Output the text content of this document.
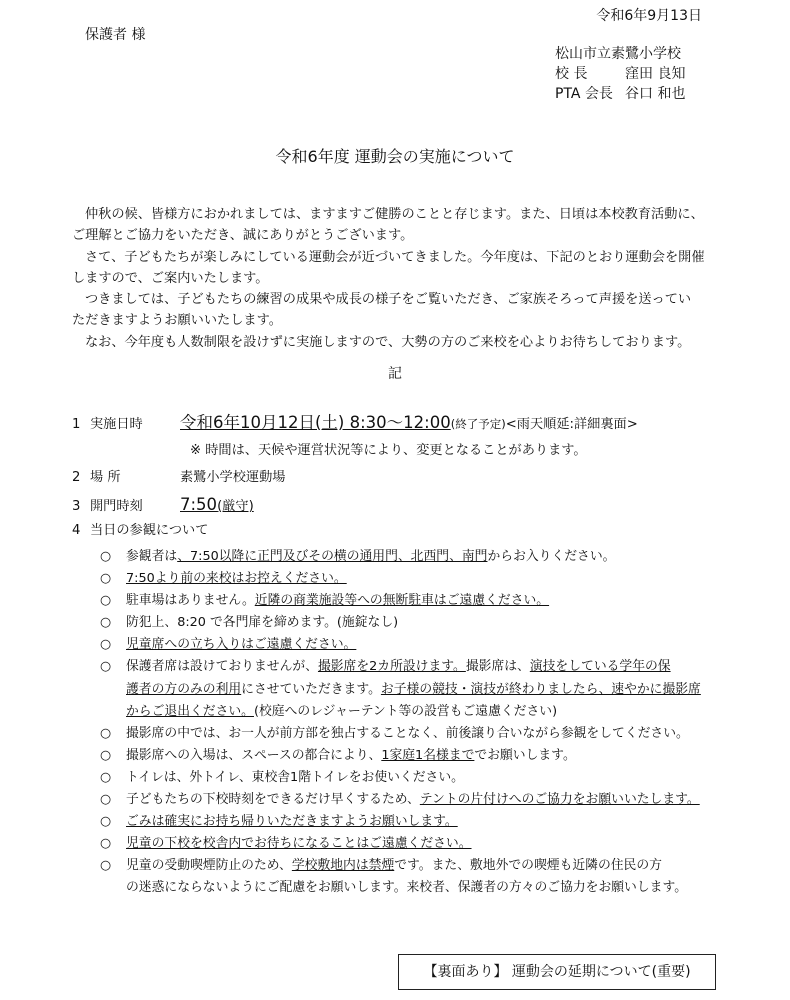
令和6年9月13日
保護者 様
松山市立素鷺小学校
校 長	窪田 良知
PTA 会長 谷口 和也
令和6年度 運動会の実施について

仲秋の候、皆様方におかれましては、ますますご健勝のことと存じます。また、日頃は本校教育活動に、

ご理解とご協力をいただき、誠にありがとうございます。

さて、子どもたちが楽しみにしている運動会が近づいてきました。今年度は、下記のとおり運動会を開催

しますので、ご案内いたします。

つきましては、子どもたちの練習の成果や成長の様子をご覧いただき、ご家族そろって声援を送ってい

ただきますようお願いいたします。

なお、今年度も人数制限を設けずに実施しますので、大勢の方のご来校を心よりお待ちしております。

記
1 実施日時 令和6年10月12日(土) 8:30～12:00(終了予定)<雨天順延:詳細裏面>
※ 時間は、天候や運営状況等により、変更となることがあります。
2 場 所	素鷺小学校運動場
3 開門時刻 7:50(厳守)
4 当日の参観について
○ 参観者は、7:50以降に正門及びその横の通用門、北西門、南門からお入りください。
○ 7:50より前の来校はお控えください。
○ 駐車場はありません。近隣の商業施設等への無断駐車はご遠慮ください。
○ 防犯上、8:20 で各門扉を締めます。(施錠なし)
○ 児童席への立ち入りはご遠慮ください。
○ 保護者席は設けておりませんが、撮影席を2カ所設けます。撮影席は、演技をしている学年の保
護者の方のみの利用にさせていただきます。お子様の競技・演技が終わりましたら、速やかに撮影席
からご退出ください。(校庭へのレジャーテント等の設営もご遠慮ください)
○ 撮影席の中では、お一人が前方部を独占することなく、前後譲り合いながら参観をしてください。
○ 撮影席への入場は、スペースの都合により、1家庭1名様まででお願いします。
○ トイレは、外トイレ、東校舎1階トイレをお使いください。
○ 子どもたちの下校時刻をできるだけ早くするため、テントの片付けへのご協力をお願いいたします。
○ ごみは確実にお持ち帰りいただきますようお願いします。
○ 児童の下校を校舎内でお待ちになることはご遠慮ください。
○ 児童の受動喫煙防止のため、学校敷地内は禁煙です。また、敷地外での喫煙も近隣の住民の方
の迷惑にならないようにご配慮をお願いします。来校者、保護者の方々のご協力をお願いします。
【裏面あり】 運動会の延期について(重要)
